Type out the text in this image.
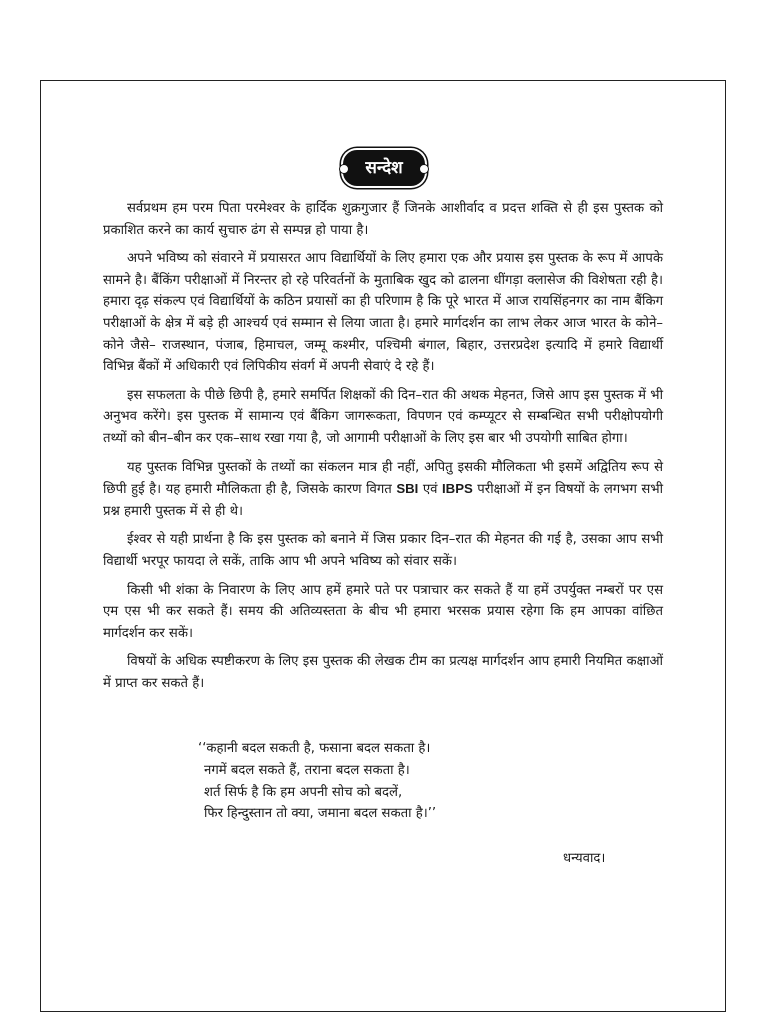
सन्देश

सर्वप्रथम हम परम पिता परमेश्वर के हार्दिक शुक्रगुजार हैं जिनके आशीर्वाद व प्रदत्त शक्ति से ही इस पुस्तक को प्रकाशित करने का कार्य सुचारु ढंग से सम्पन्न हो पाया है।

अपने भविष्य को संवारने में प्रयासरत आप विद्यार्थियों के लिए हमारा एक और प्रयास इस पुस्तक के रूप में आपके सामने है। बैंकिंग परीक्षाओं में निरन्तर हो रहे परिवर्तनों के मुताबिक खुद को ढालना धींगड़ा क्लासेज की विशेषता रही है। हमारा दृढ़ संकल्प एवं विद्यार्थियों के कठिन प्रयासों का ही परिणाम है कि पूरे भारत में आज रायसिंहनगर का नाम बैंकिग परीक्षाओं के क्षेत्र में बड़े ही आश्चर्य एवं सम्मान से लिया जाता है। हमारे मार्गदर्शन का लाभ लेकर आज भारत के कोने–कोने जैसे– राजस्थान, पंजाब, हिमाचल, जम्मू कश्मीर, पश्चिमी बंगाल, बिहार, उत्तरप्रदेश इत्यादि में हमारे विद्यार्थी विभिन्न बैंकों में अधिकारी एवं लिपिकीय संवर्ग में अपनी सेवाएं दे रहे हैं।

इस सफलता के पीछे छिपी है, हमारे समर्पित शिक्षकों की दिन–रात की अथक मेहनत, जिसे आप इस पुस्तक में भी अनुभव करेंगे। इस पुस्तक में सामान्य एवं बैंकिग जागरूकता, विपणन एवं कम्प्यूटर से सम्बन्धित सभी परीक्षोपयोगी तथ्यों को बीन–बीन कर एक–साथ रखा गया है, जो आगामी परीक्षाओं के लिए इस बार भी उपयोगी साबित होगा।

यह पुस्तक विभिन्न पुस्तकों के तथ्यों का संकलन मात्र ही नहीं, अपितु इसकी मौलिकता भी इसमें अद्वितिय रूप से छिपी हुई है। यह हमारी मौलिकता ही है, जिसके कारण विगत SBI एवं IBPS परीक्षाओं में इन विषयों के लगभग सभी प्रश्न हमारी पुस्तक में से ही थे।

ईश्वर से यही प्रार्थना है कि इस पुस्तक को बनाने में जिस प्रकार दिन–रात की मेहनत की गई है, उसका आप सभी विद्यार्थी भरपूर फायदा ले सकें, ताकि आप भी अपने भविष्य को संवार सकें।

किसी भी शंका के निवारण के लिए आप हमें हमारे पते पर पत्राचार कर सकते हैं या हमें उपर्युक्त नम्बरों पर एस एम एस भी कर सकते हैं। समय की अतिव्यस्तता के बीच भी हमारा भरसक प्रयास रहेगा कि हम आपका वांछित मार्गदर्शन कर सकें।

विषयों के अधिक स्पष्टीकरण के लिए इस पुस्तक की लेखक टीम का प्रत्यक्ष मार्गदर्शन आप हमारी नियमित कक्षाओं में प्राप्त कर सकते हैं।

‘‘कहानी बदल सकती है, फसाना बदल सकता है।
नगमें बदल सकते हैं, तराना बदल सकता है।
शर्त सिर्फ है कि हम अपनी सोच को बदलें,
फिर हिन्दुस्तान तो क्या, जमाना बदल सकता है।’’
धन्यवाद।
